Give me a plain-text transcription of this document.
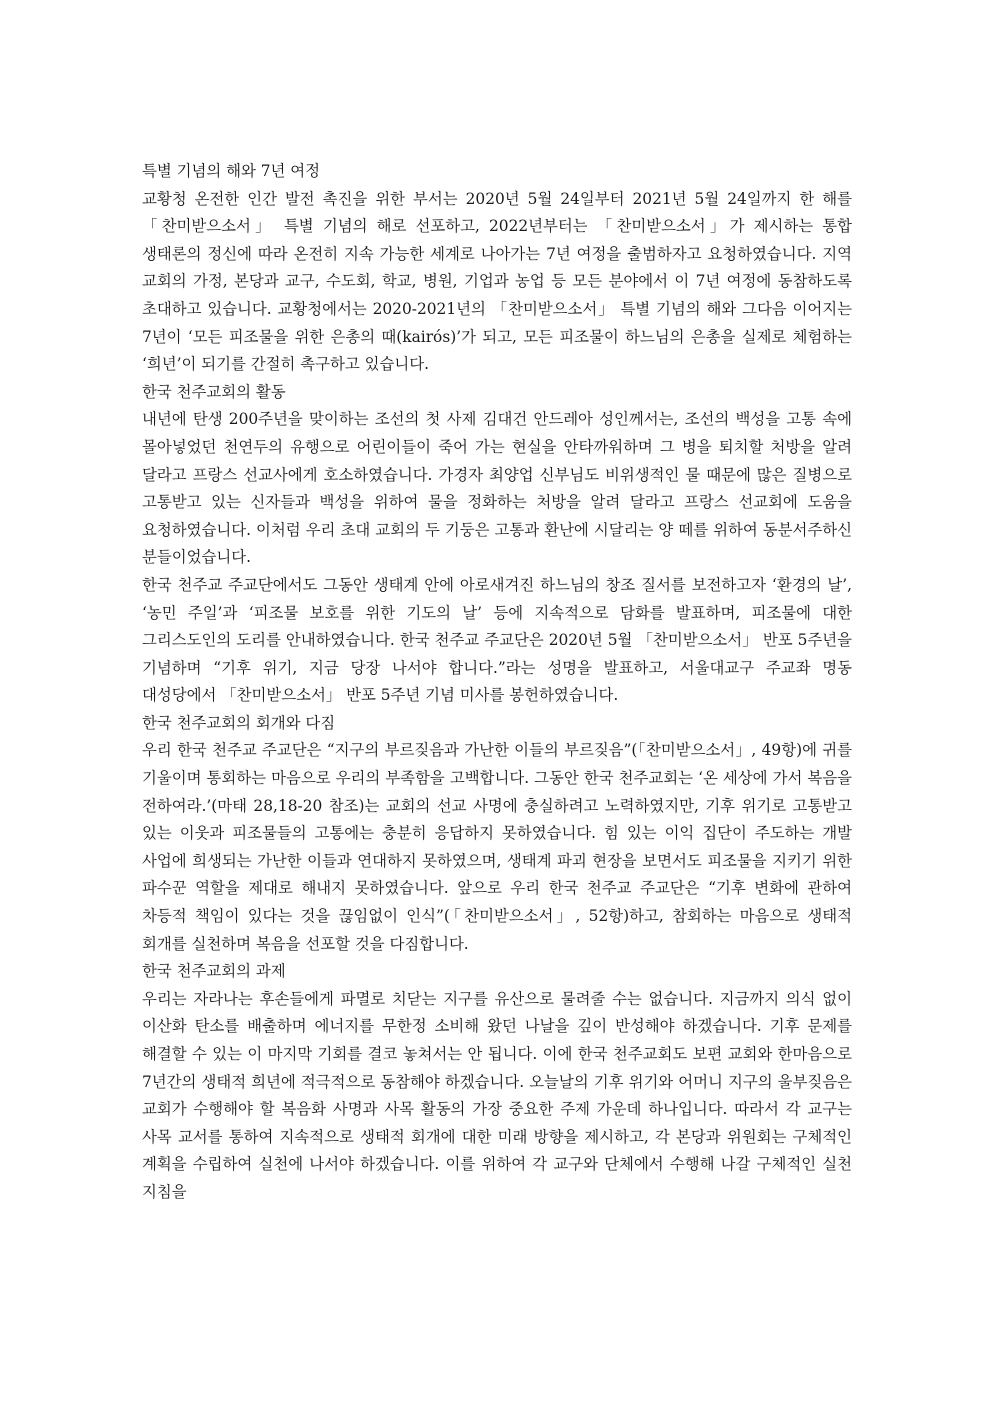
특별 기념의 해와 7년 여정

교황청 온전한 인간 발전 촉진을 위한 부서는 2020년 5월 24일부터 2021년 5월 24일까지 한 해를 「찬미받으소서」 특별 기념의 해로 선포하고, 2022년부터는 「찬미받으소서」가 제시하는 통합 생태론의 정신에 따라 온전히 지속 가능한 세계로 나아가는 7년 여정을 출범하자고 요청하였습니다. 지역 교회의 가정, 본당과 교구, 수도회, 학교, 병원, 기업과 농업 등 모든 분야에서 이 7년 여정에 동참하도록 초대하고 있습니다. 교황청에서는 2020-2021년의 「찬미받으소서」 특별 기념의 해와 그다음 이어지는 7년이 ‘모든 피조물을 위한 은총의 때(kairós)’가 되고, 모든 피조물이 하느님의 은총을 실제로 체험하는 ‘희년’이 되기를 간절히 촉구하고 있습니다.

한국 천주교회의 활동

내년에 탄생 200주년을 맞이하는 조선의 첫 사제 김대건 안드레아 성인께서는, 조선의 백성을 고통 속에 몰아넣었던 천연두의 유행으로 어린이들이 죽어 가는 현실을 안타까워하며 그 병을 퇴치할 처방을 알려 달라고 프랑스 선교사에게 호소하였습니다. 가경자 최양업 신부님도 비위생적인 물 때문에 많은 질병으로 고통받고 있는 신자들과 백성을 위하여 물을 정화하는 처방을 알려 달라고 프랑스 선교회에 도움을 요청하였습니다. 이처럼 우리 초대 교회의 두 기둥은 고통과 환난에 시달리는 양 떼를 위하여 동분서주하신 분들이었습니다.

한국 천주교 주교단에서도 그동안 생태계 안에 아로새겨진 하느님의 창조 질서를 보전하고자 ‘환경의 날’, ‘농민 주일’과 ‘피조물 보호를 위한 기도의 날’ 등에 지속적으로 담화를 발표하며, 피조물에 대한 그리스도인의 도리를 안내하였습니다. 한국 천주교 주교단은 2020년 5월 「찬미받으소서」 반포 5주년을 기념하며 “기후 위기, 지금 당장 나서야 합니다.”라는 성명을 발표하고, 서울대교구 주교좌 명동 대성당에서 「찬미받으소서」 반포 5주년 기념 미사를 봉헌하였습니다.

한국 천주교회의 회개와 다짐

우리 한국 천주교 주교단은 “지구의 부르짖음과 가난한 이들의 부르짖음”(「찬미받으소서」, 49항)에 귀를 기울이며 통회하는 마음으로 우리의 부족함을 고백합니다. 그동안 한국 천주교회는 ‘온 세상에 가서 복음을 전하여라.’(마태 28,18-20 참조)는 교회의 선교 사명에 충실하려고 노력하였지만, 기후 위기로 고통받고 있는 이웃과 피조물들의 고통에는 충분히 응답하지 못하였습니다. 힘 있는 이익 집단이 주도하는 개발 사업에 희생되는 가난한 이들과 연대하지 못하였으며, 생태계 파괴 현장을 보면서도 피조물을 지키기 위한 파수꾼 역할을 제대로 해내지 못하였습니다. 앞으로 우리 한국 천주교 주교단은 “기후 변화에 관하여 차등적 책임이 있다는 것을 끊임없이 인식”(「찬미받으소서」, 52항)하고, 참회하는 마음으로 생태적 회개를 실천하며 복음을 선포할 것을 다짐합니다.

한국 천주교회의 과제

우리는 자라나는 후손들에게 파멸로 치닫는 지구를 유산으로 물려줄 수는 없습니다. 지금까지 의식 없이 이산화 탄소를 배출하며 에너지를 무한정 소비해 왔던 나날을 깊이 반성해야 하겠습니다. 기후 문제를 해결할 수 있는 이 마지막 기회를 결코 놓쳐서는 안 됩니다. 이에 한국 천주교회도 보편 교회와 한마음으로 7년간의 생태적 희년에 적극적으로 동참해야 하겠습니다. 오늘날의 기후 위기와 어머니 지구의 울부짖음은 교회가 수행해야 할 복음화 사명과 사목 활동의 가장 중요한 주제 가운데 하나입니다. 따라서 각 교구는 사목 교서를 통하여 지속적으로 생태적 회개에 대한 미래 방향을 제시하고, 각 본당과 위원회는 구체적인 계획을 수립하여 실천에 나서야 하겠습니다. 이를 위하여 각 교구와 단체에서 수행해 나갈 구체적인 실천 지침을
